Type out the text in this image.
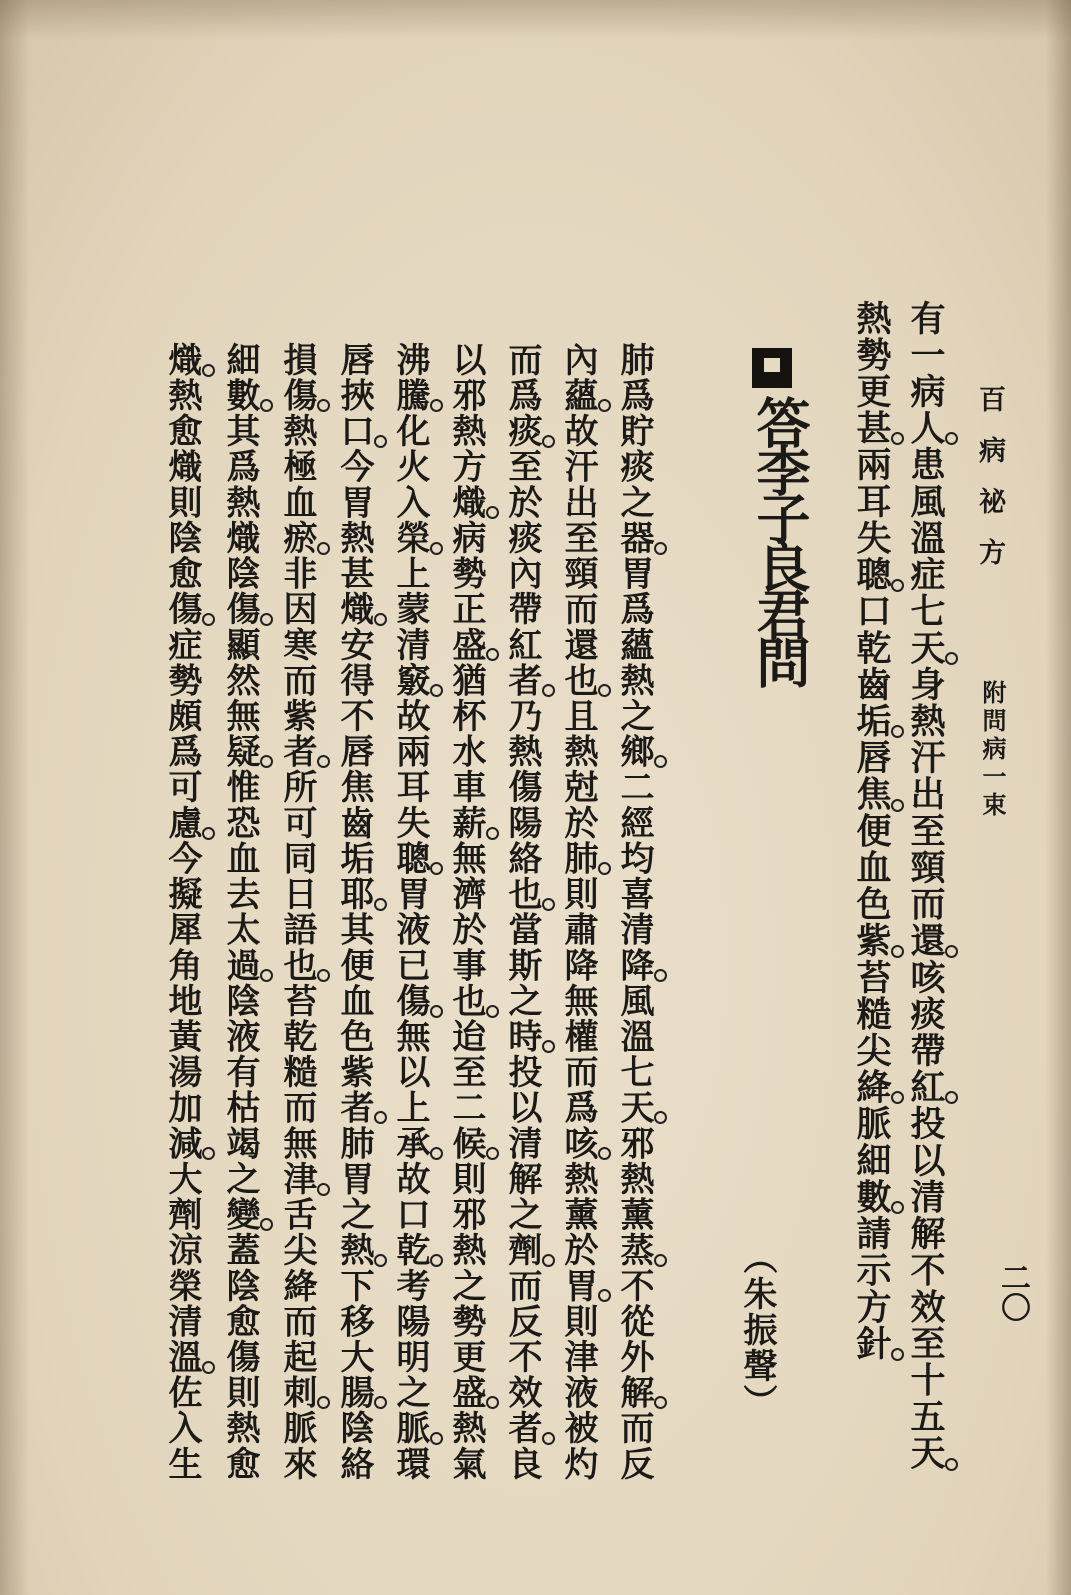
百病祕方
附問病一束
二〇
有一病人患風溫症七天身熱汗出至頸而還咳痰帶紅投以清解不效至十五天
熱勢更甚兩耳失聰口乾齒垢唇焦便血色紫苔糙尖絳脈細數請示方針
答李子良君問
（朱振聲）
肺爲貯痰之器胃爲蘊熱之鄉二經均喜清降風溫七天邪熱薰蒸不從外解而反
內蘊故汗出至頸而還也且熱尅於肺則肅降無權而爲咳熱薰於胃則津液被灼
而爲痰至於痰內帶紅者乃熱傷陽絡也當斯之時投以清解之劑而反不效者良
以邪熱方熾病勢正盛猶杯水車薪無濟於事也迨至二候則邪熱之勢更盛熱氣
沸騰化火入榮上蒙清竅故兩耳失聰胃液已傷無以上承故口乾考陽明之脈環
唇挾口今胃熱甚熾安得不唇焦齒垢耶其便血色紫者肺胃之熱下移大腸陰絡
損傷熱極血瘀非因寒而紫者所可同日語也苔乾糙而無津舌尖絳而起刺脈來
細數其爲熱熾陰傷顯然無疑惟恐血去太過陰液有枯竭之變蓋陰愈傷則熱愈
熾熱愈熾則陰愈傷症勢頗爲可慮今擬犀角地黃湯加減大劑涼榮清溫佐入生
